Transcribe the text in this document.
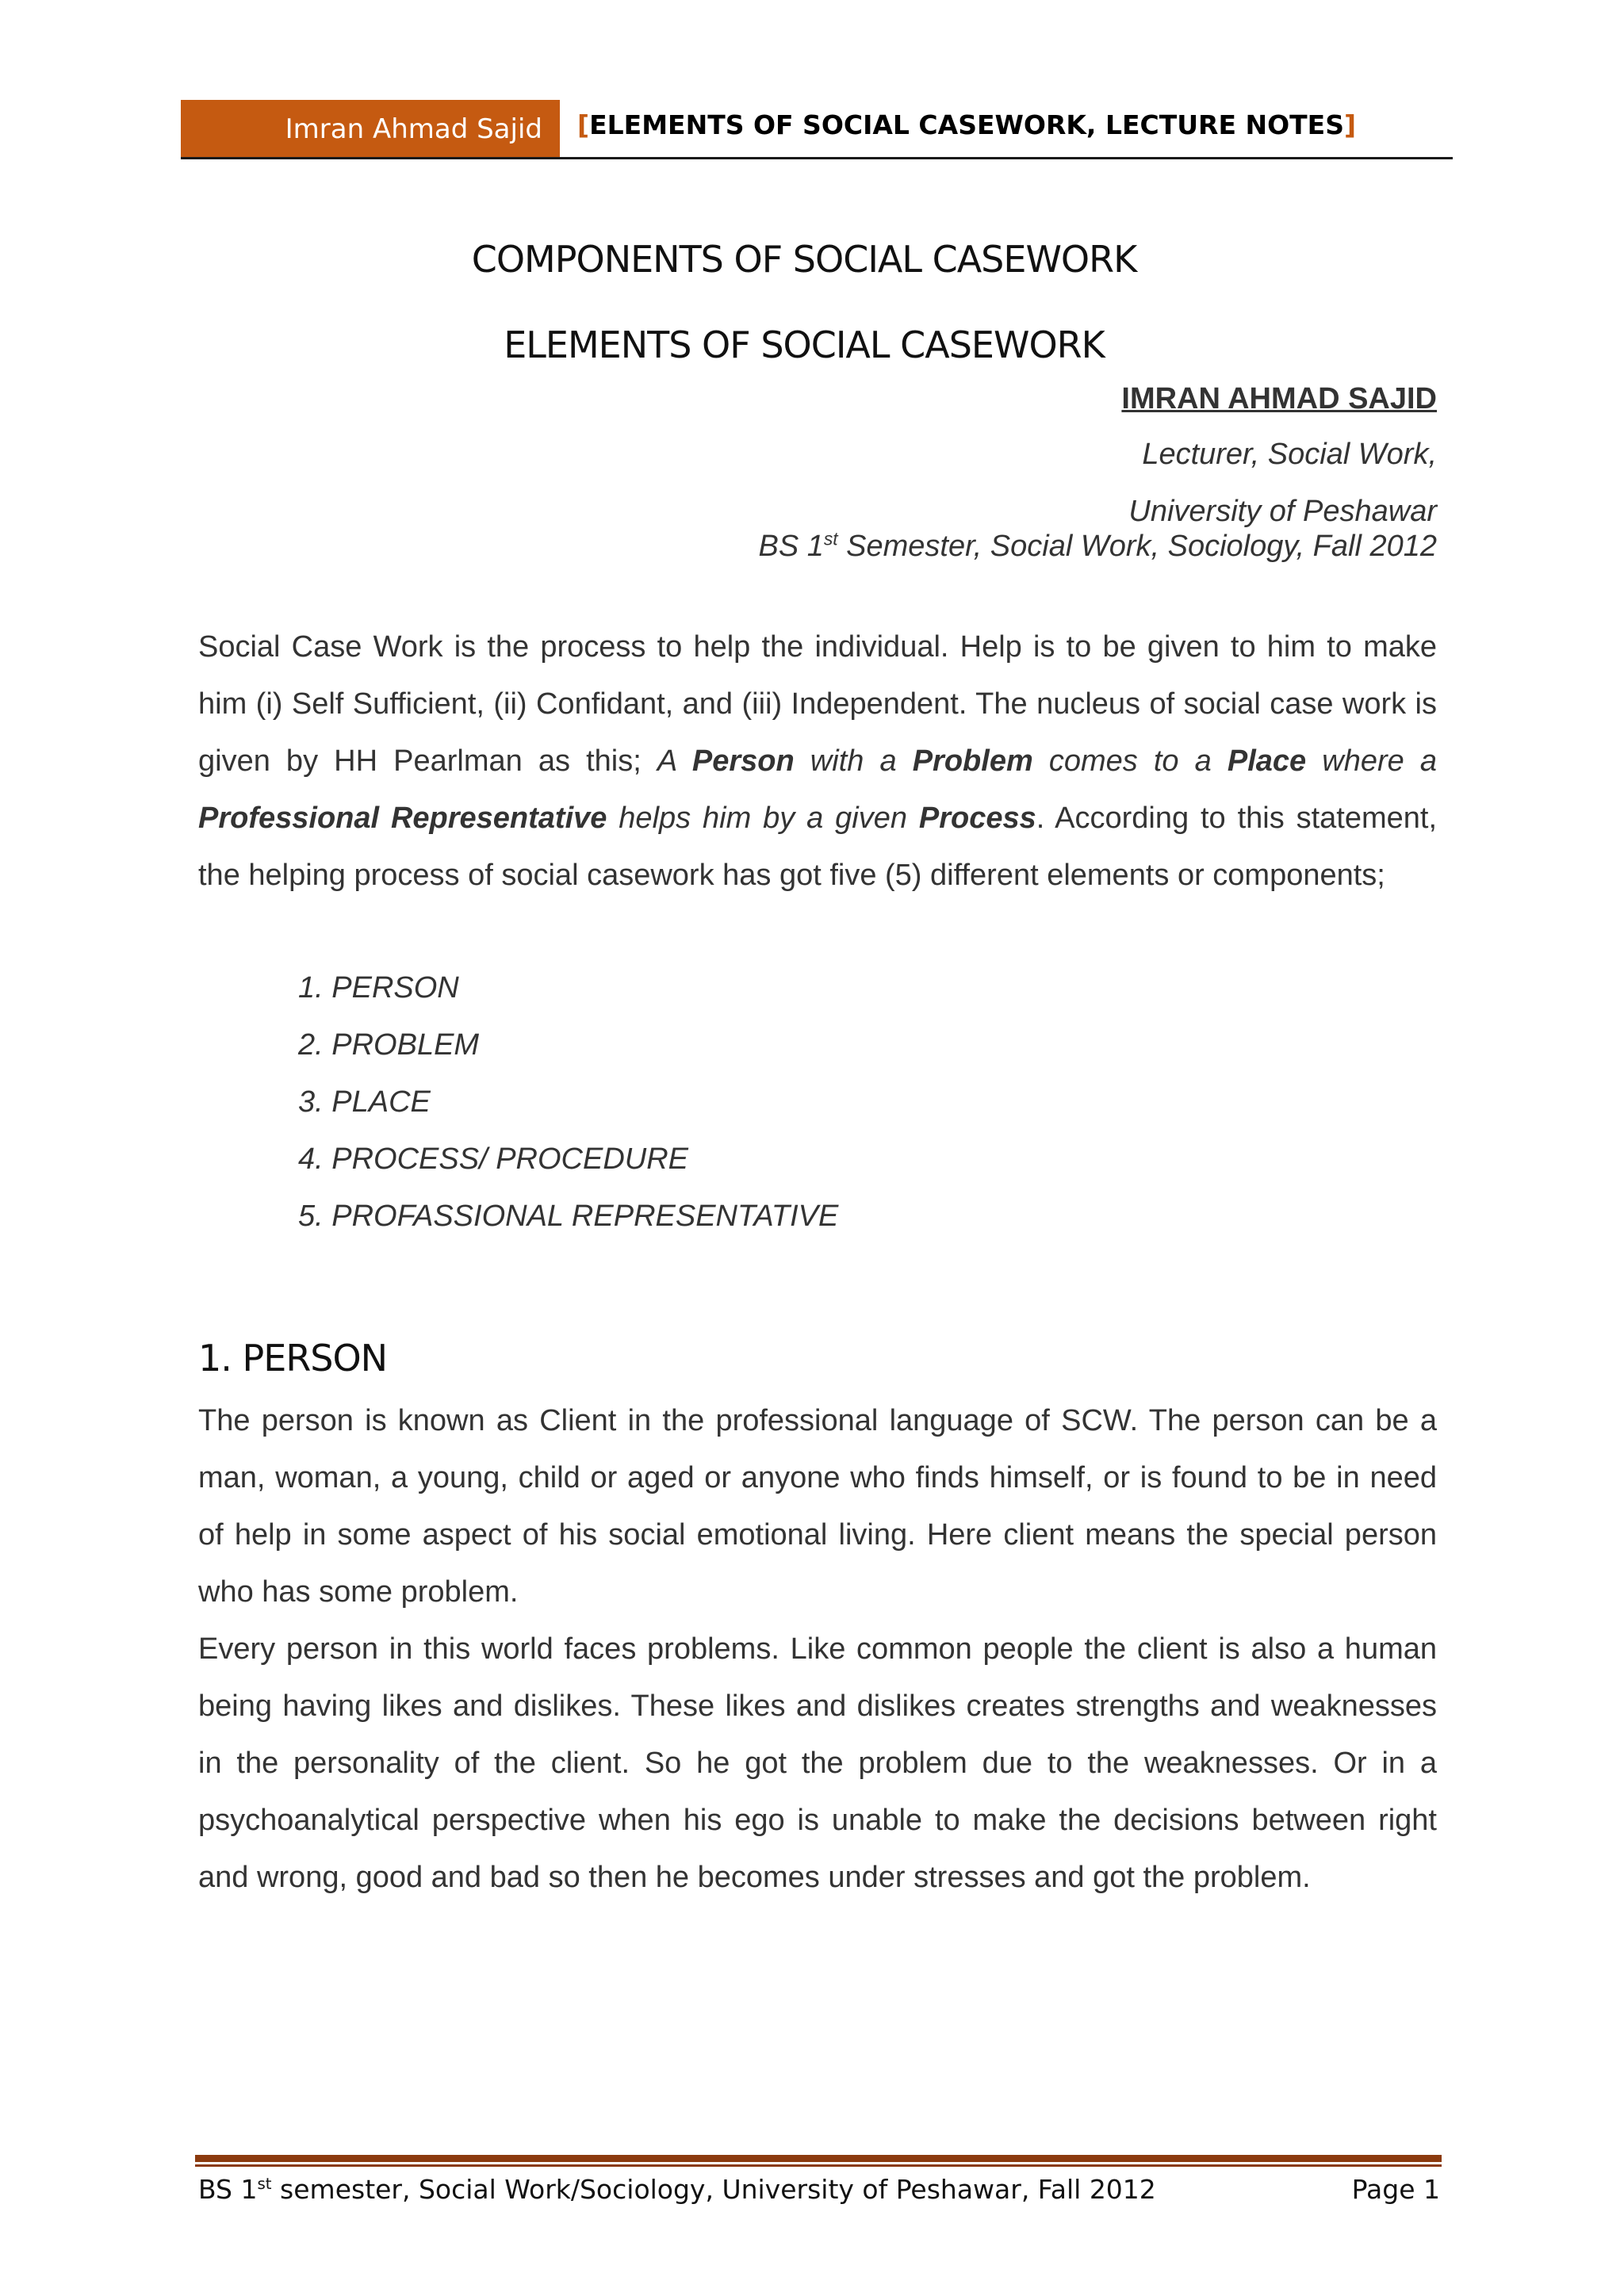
Imran Ahmad Sajid [ELEMENTS OF SOCIAL CASEWORK, LECTURE NOTES]
COMPONENTS OF SOCIAL CASEWORK
ELEMENTS OF SOCIAL CASEWORK
IMRAN AHMAD SAJID
Lecturer, Social Work,
University of Peshawar
BS 1st Semester, Social Work, Sociology, Fall 2012

Social Case Work is the process to help the individual. Help is to be given to him to make him (i) Self Sufficient, (ii) Confidant, and (iii) Independent. The nucleus of social case work is given by HH Pearlman as this; A Person with a Problem comes to a Place where a Professional Representative helps him by a given Process. According to this statement, the helping process of social casework has got five (5) different elements or components;

1. PERSON
2. PROBLEM
3. PLACE
4. PROCESS/ PROCEDURE
5. PROFASSIONAL REPRESENTATIVE
1. PERSON

The person is known as Client in the professional language of SCW. The person can be a man, woman, a young, child or aged or anyone who finds himself, or is found to be in need of help in some aspect of his social emotional living. Here client means the special person who has some problem.

Every person in this world faces problems. Like common people the client is also a human being having likes and dislikes. These likes and dislikes creates strengths and weaknesses in the personality of the client. So he got the problem due to the weaknesses. Or in a psychoanalytical perspective when his ego is unable to make the decisions between right and wrong, good and bad so then he becomes under stresses and got the problem.

BS 1st semester, Social Work/Sociology, University of Peshawar, Fall 2012	Page 1
